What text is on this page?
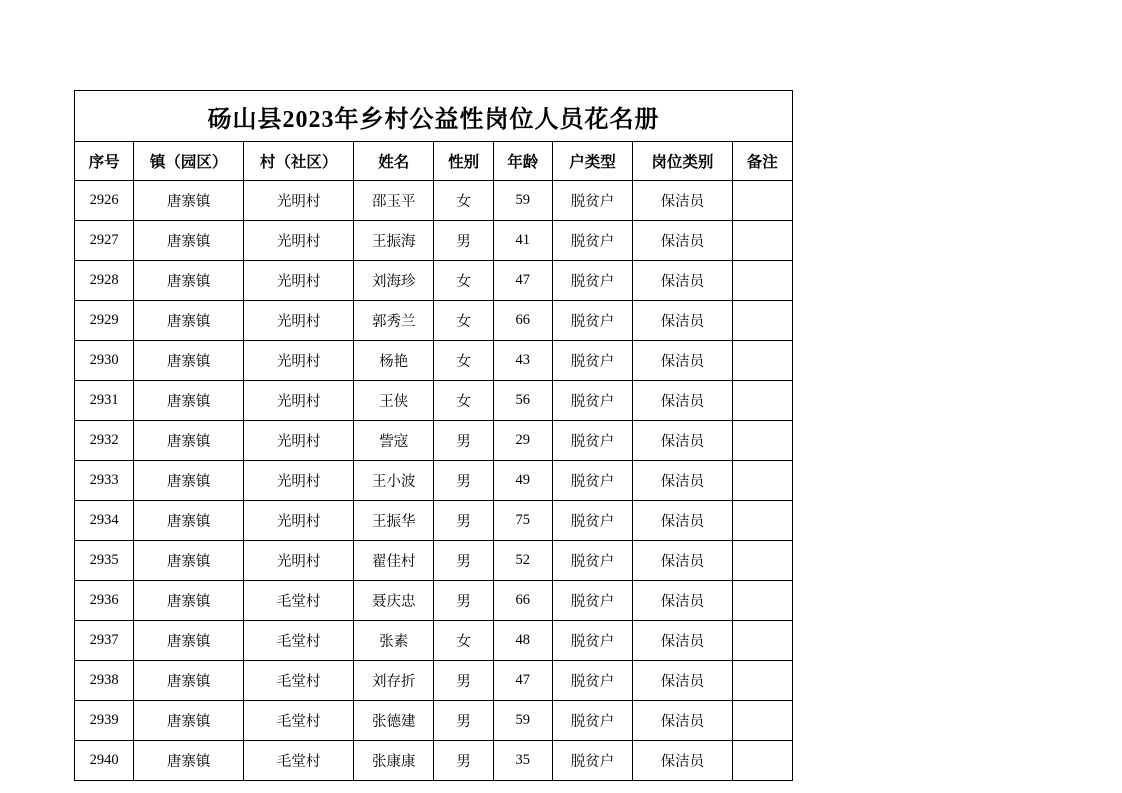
砀山县2023年乡村公益性岗位人员花名册								
序号	镇（园区）	村（社区）	姓名	性别	年龄	户类型	岗位类别	备注
2926	唐寨镇	光明村	邵玉平	女	59	脱贫户	保洁员	
2927	唐寨镇	光明村	王振海	男	41	脱贫户	保洁员	
2928	唐寨镇	光明村	刘海珍	女	47	脱贫户	保洁员	
2929	唐寨镇	光明村	郭秀兰	女	66	脱贫户	保洁员	
2930	唐寨镇	光明村	杨艳	女	43	脱贫户	保洁员	
2931	唐寨镇	光明村	王侠	女	56	脱贫户	保洁员	
2932	唐寨镇	光明村	訾寇	男	29	脱贫户	保洁员	
2933	唐寨镇	光明村	王小波	男	49	脱贫户	保洁员	
2934	唐寨镇	光明村	王振华	男	75	脱贫户	保洁员	
2935	唐寨镇	光明村	翟佳村	男	52	脱贫户	保洁员	
2936	唐寨镇	毛堂村	聂庆忠	男	66	脱贫户	保洁员	
2937	唐寨镇	毛堂村	张素	女	48	脱贫户	保洁员	
2938	唐寨镇	毛堂村	刘存折	男	47	脱贫户	保洁员	
2939	唐寨镇	毛堂村	张德建	男	59	脱贫户	保洁员	
2940	唐寨镇	毛堂村	张康康	男	35	脱贫户	保洁员	
